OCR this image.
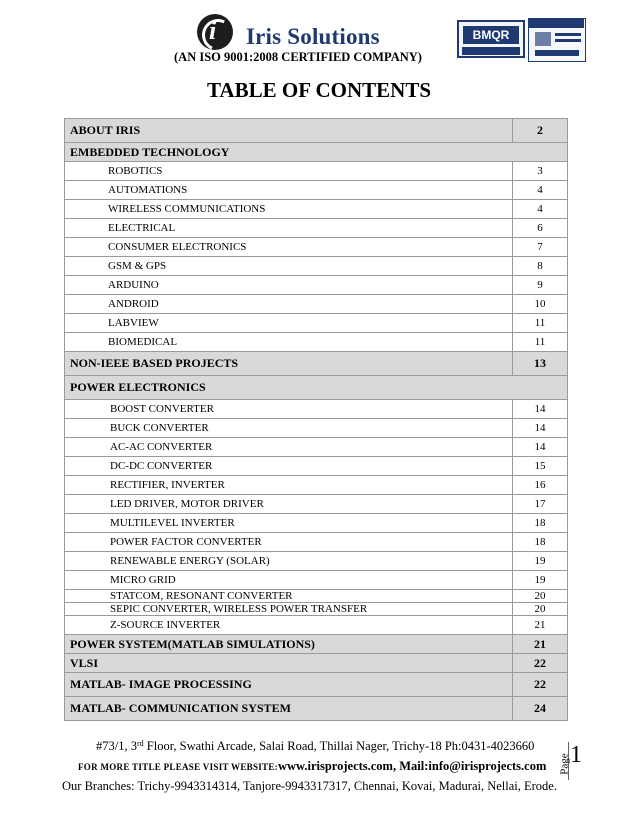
i
Iris Solutions
(AN ISO 9001:2008 CERTIFIED COMPANY)
BMQR
TABLE OF CONTENTS
ABOUT IRIS	2
EMBEDDED TECHNOLOGY	
ROBOTICS	3
AUTOMATIONS	4
WIRELESS COMMUNICATIONS	4
ELECTRICAL	6
CONSUMER ELECTRONICS	7
GSM & GPS	8
ARDUINO	9
ANDROID	10
LABVIEW	11
BIOMEDICAL	11
NON-IEEE BASED PROJECTS	13
POWER ELECTRONICS	
BOOST CONVERTER	14
BUCK CONVERTER	14
AC-AC CONVERTER	14
DC-DC CONVERTER	15
RECTIFIER, INVERTER	16
LED DRIVER, MOTOR DRIVER	17
MULTILEVEL INVERTER	18
POWER FACTOR CONVERTER	18
RENEWABLE ENERGY (SOLAR)	19
MICRO GRID	19
STATCOM, RESONANT CONVERTER	20
SEPIC CONVERTER, WIRELESS POWER TRANSFER	20
Z-SOURCE INVERTER	21
POWER SYSTEM(MATLAB SIMULATIONS)	21
VLSI	22
MATLAB- IMAGE PROCESSING	22
MATLAB- COMMUNICATION SYSTEM	24
#73/1, 3rd Floor, Swathi Arcade, Salai Road, Thillai Nager, Trichy-18 Ph:0431-4023660
FOR MORE TITLE PLEASE VISIT WEBSITE:www.irisprojects.com, Mail:info@irisprojects.com
Our Branches: Trichy-9943314314, Tanjore-9943317317, Chennai, Kovai, Madurai, Nellai, Erode.
Page 1
